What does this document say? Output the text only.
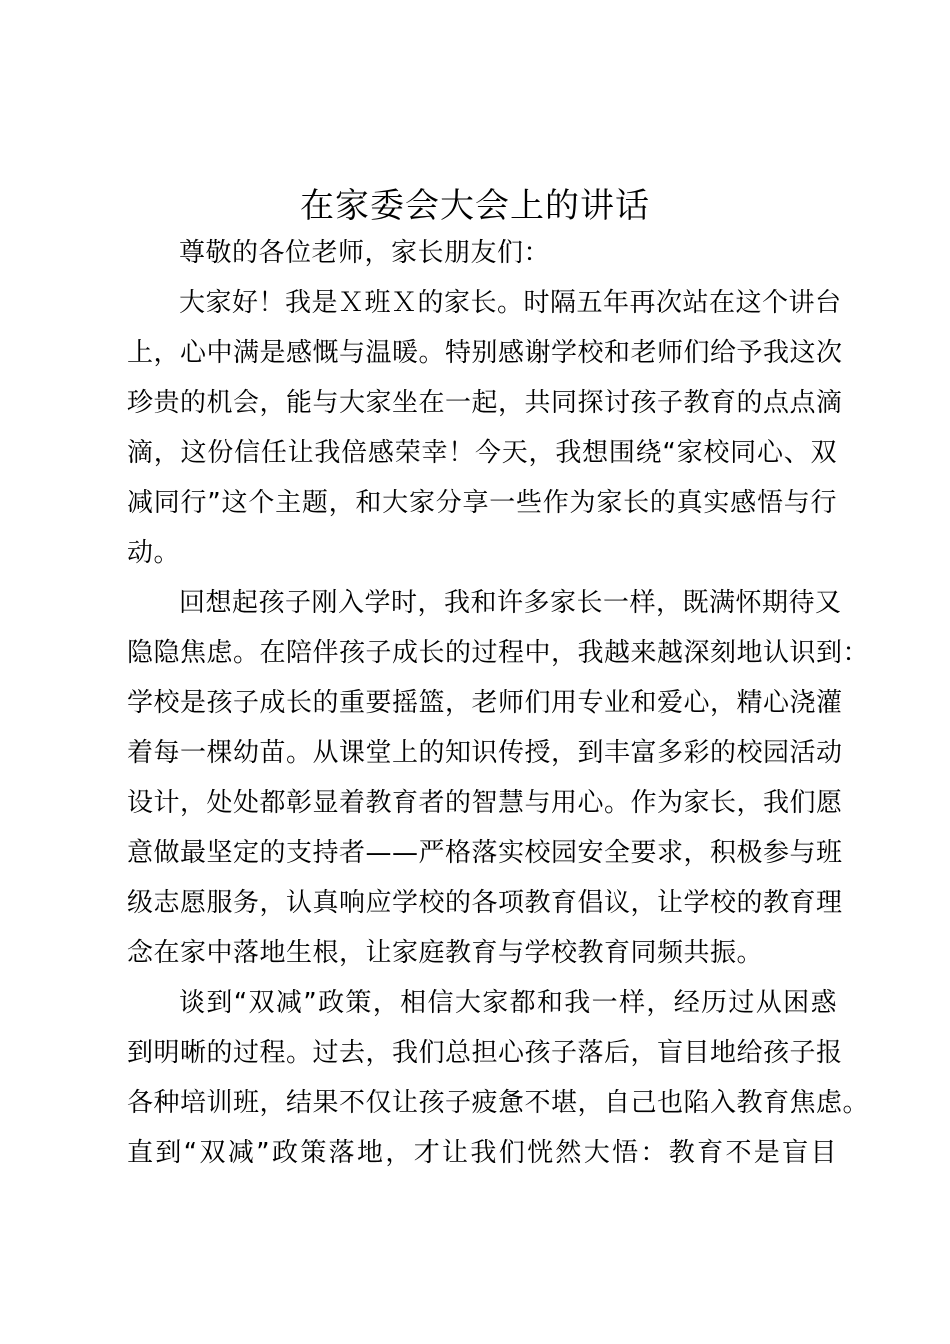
在家委会大会上的讲话
尊敬的各位老师，家长朋友们：
大家好！我是Ｘ班Ｘ的家长。时隔五年再次站在这个讲台
上，心中满是感慨与温暖。特别感谢学校和老师们给予我这次
珍贵的机会，能与大家坐在一起，共同探讨孩子教育的点点滴
滴，这份信任让我倍感荣幸！今天，我想围绕“家校同心、双
减同行”这个主题，和大家分享一些作为家长的真实感悟与行
动。
回想起孩子刚入学时，我和许多家长一样，既满怀期待又
隐隐焦虑。在陪伴孩子成长的过程中，我越来越深刻地认识到：
学校是孩子成长的重要摇篮，老师们用专业和爱心，精心浇灌
着每一棵幼苗。从课堂上的知识传授，到丰富多彩的校园活动
设计，处处都彰显着教育者的智慧与用心。作为家长，我们愿
意做最坚定的支持者——严格落实校园安全要求，积极参与班
级志愿服务，认真响应学校的各项教育倡议，让学校的教育理
念在家中落地生根，让家庭教育与学校教育同频共振。
谈到“双减”政策，相信大家都和我一样，经历过从困惑
到明晰的过程。过去，我们总担心孩子落后，盲目地给孩子报
各种培训班，结果不仅让孩子疲惫不堪，自己也陷入教育焦虑。
直到“双减”政策落地，才让我们恍然大悟：教育不是盲目
